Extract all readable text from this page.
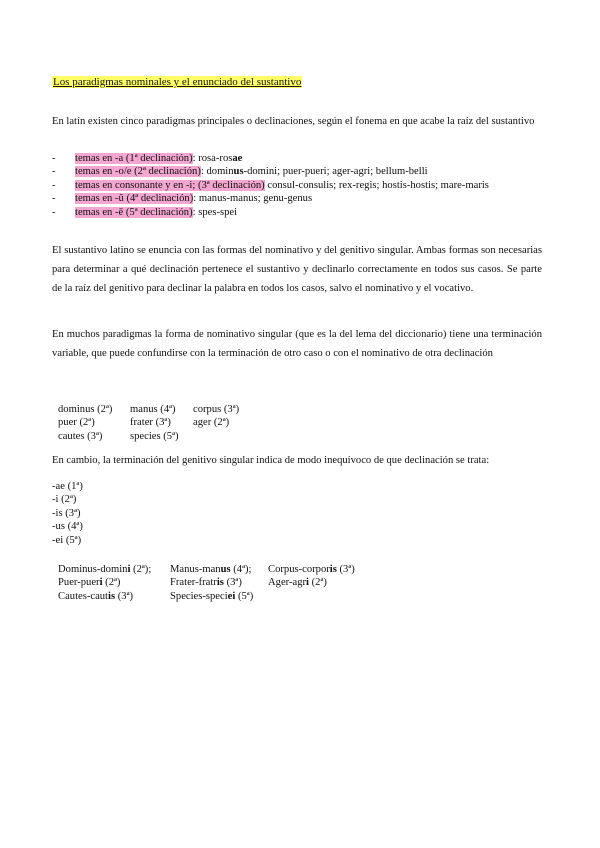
Los paradigmas nominales y el enunciado del sustantivo
En latín existen cinco paradigmas principales o declinaciones, según el fonema en que acabe la raíz del sustantivo
- temas en -a (1ª declinación): rosa-rosae
- temas en -o/e (2ª declinación): dominus-domini; puer-pueri; ager-agri; bellum-belli
- temas en consonante y en -i; (3ª declinación) consul-consulis; rex-regis; hostis-hostis; mare-maris
- temas en -ŭ (4ª declinación): manus-manus; genu-genus
- temas en -ē (5ª declinación): spes-spei
El sustantivo latino se enuncia con las formas del nominativo y del genitivo singular. Ambas formas son necesarias para determinar a qué declinación pertenece el sustantivo y declinarlo correctamente en todos sus casos. Se parte de la raíz del genitivo para declinar la palabra en todos los casos, salvo el nominativo y el vocativo.
En muchos paradigmas la forma de nominativo singular (que es la del lema del diccionario) tiene una terminación variable, que puede confundirse con la terminación de otro caso o con el nominativo de otra declinación
dominus (2ª)
puer (2ª)
cautes (3ª)
manus (4ª)
frater (3ª)
species (5ª)
corpus (3ª)
ager (2ª)
En cambio, la terminación del genitivo singular indica de modo inequívoco de que declinación se trata:
-ae (1ª)
-i (2ª)
-is (3ª)
-us (4ª)
-ei (5ª)
Dominus-domini (2ª);
Puer-pueri (2ª)
Cautes-cautis (3ª)
Manus-manus (4ª);
Frater-fratris (3ª)
Species-speciei (5ª)
Corpus-corporis (3ª)
Ager-agri (2ª)
